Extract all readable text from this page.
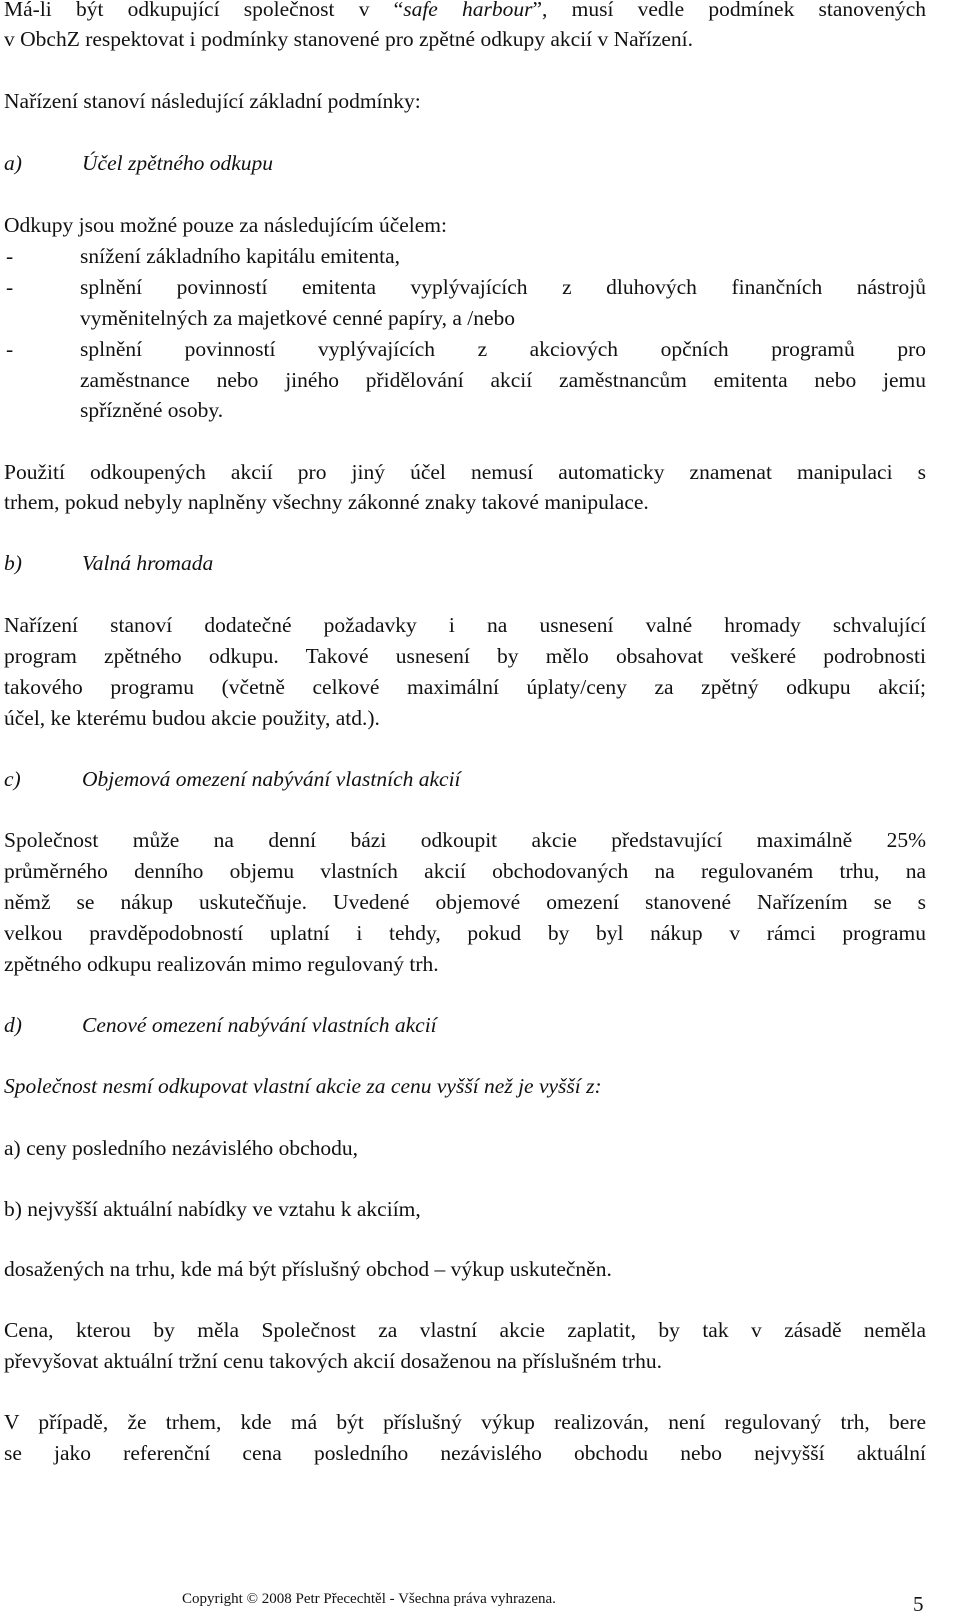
Má-li být odkupující společnost v “safe harbour”, musí vedle podmínek stanovených
v ObchZ respektovat i podmínky stanovené pro zpětné odkupy akcií v Nařízení.
Nařízení stanoví následující základní podmínky:
a)	Účel zpětného odkupu
Odkupy jsou možné pouze za následujícím účelem:
-	snížení základního kapitálu emitenta,
-	splnění povinností emitenta vyplývajících z dluhových finančních nástrojů
vyměnitelných za majetkové cenné papíry, a /nebo
-	splnění povinností vyplývajících z akciových opčních programů pro
zaměstnance nebo jiného přidělování akcií zaměstnancům emitenta nebo jemu
spřízněné osoby.
Použití odkoupených akcií pro jiný účel nemusí automaticky znamenat manipulaci s
trhem, pokud nebyly naplněny všechny zákonné znaky takové manipulace.
b)	Valná hromada
Nařízení stanoví dodatečné požadavky i na usnesení valné hromady schvalující
program zpětného odkupu. Takové usnesení by mělo obsahovat veškeré podrobnosti
takového programu (včetně celkové maximální úplaty/ceny za zpětný odkupu akcií;
účel, ke kterému budou akcie použity, atd.).
c)	Objemová omezení nabývání vlastních akcií
Společnost může na denní bázi odkoupit akcie představující maximálně 25%
průměrného denního objemu vlastních akcií obchodovaných na regulovaném trhu, na
němž se nákup uskutečňuje. Uvedené objemové omezení stanovené Nařízením se s
velkou pravděpodobností uplatní i tehdy, pokud by byl nákup v rámci programu
zpětného odkupu realizován mimo regulovaný trh.
d)	Cenové omezení nabývání vlastních akcií
Společnost nesmí odkupovat vlastní akcie za cenu vyšší než je vyšší z:
a) ceny posledního nezávislého obchodu,
b) nejvyšší aktuální nabídky ve vztahu k akciím,
dosažených na trhu, kde má být příslušný obchod – výkup uskutečněn.
Cena, kterou by měla Společnost za vlastní akcie zaplatit, by tak v zásadě neměla
převyšovat aktuální tržní cenu takových akcií dosaženou na příslušném trhu.
V případě, že trhem, kde má být příslušný výkup realizován, není regulovaný trh, bere
se jako referenční cena posledního nezávislého obchodu nebo nejvyšší aktuální
Copyright © 2008 Petr Přecechtěl - Všechna práva vyhrazena.	5
